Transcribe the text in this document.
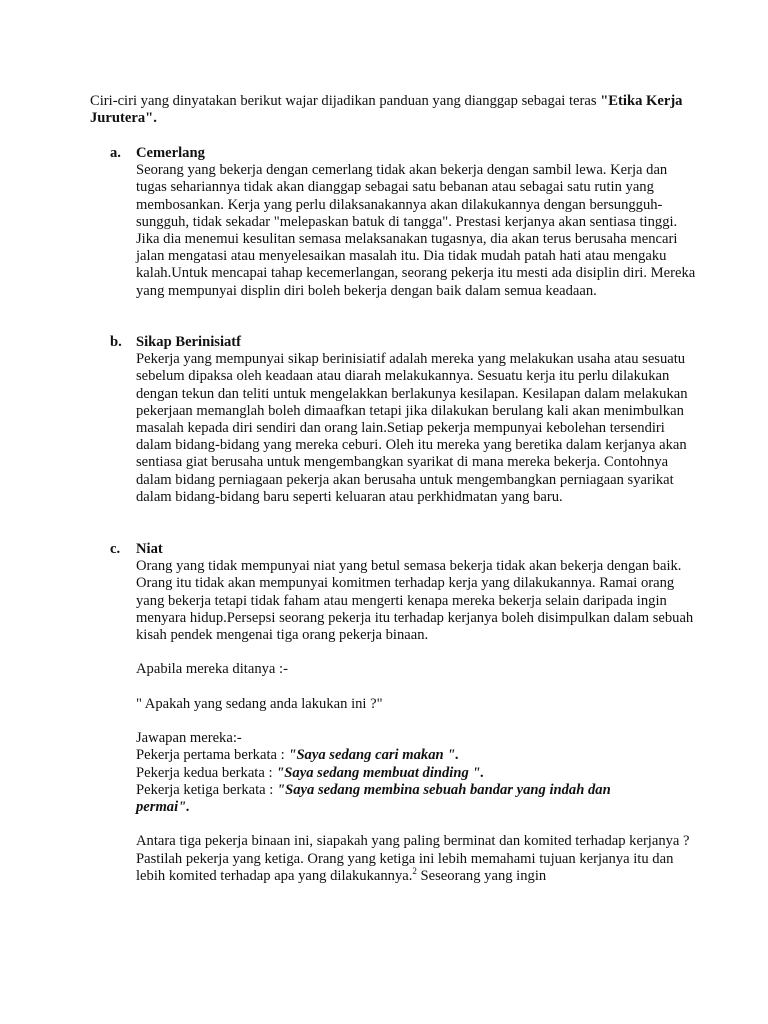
Ciri-ciri yang dinyatakan berikut wajar dijadikan panduan yang dianggap sebagai teras "Etika Kerja Jurutera".

a. Cemerlang

Seorang yang bekerja dengan cemerlang tidak akan bekerja dengan sambil lewa. Kerja dan tugas sehariannya tidak akan dianggap sebagai satu bebanan atau sebagai satu rutin yang membosankan. Kerja yang perlu dilaksanakannya akan dilakukannya dengan bersungguh-sungguh, tidak sekadar "melepaskan batuk di tangga". Prestasi kerjanya akan sentiasa tinggi. Jika dia menemui kesulitan semasa melaksanakan tugasnya, dia akan terus berusaha mencari jalan mengatasi atau menyelesaikan masalah itu. Dia tidak mudah patah hati atau mengaku kalah.Untuk mencapai tahap kecemerlangan, seorang pekerja itu mesti ada disiplin diri. Mereka yang mempunyai displin diri boleh bekerja dengan baik dalam semua keadaan.

b. Sikap Berinisiatf

Pekerja yang mempunyai sikap berinisiatif adalah mereka yang melakukan usaha atau sesuatu sebelum dipaksa oleh keadaan atau diarah melakukannya. Sesuatu kerja itu perlu dilakukan dengan tekun dan teliti untuk mengelakkan berlakunya kesilapan. Kesilapan dalam melakukan pekerjaan memanglah boleh dimaafkan tetapi jika dilakukan berulang kali akan menimbulkan masalah kepada diri sendiri dan orang lain.Setiap pekerja mempunyai kebolehan tersendiri dalam bidang-bidang yang mereka ceburi. Oleh itu mereka yang beretika dalam kerjanya akan sentiasa giat berusaha untuk mengembangkan syarikat di mana mereka bekerja. Contohnya dalam bidang perniagaan pekerja akan berusaha untuk mengembangkan perniagaan syarikat dalam bidang-bidang baru seperti keluaran atau perkhidmatan yang baru.

c. Niat

Orang yang tidak mempunyai niat yang betul semasa bekerja tidak akan bekerja dengan baik. Orang itu tidak akan mempunyai komitmen terhadap kerja yang dilakukannya. Ramai orang yang bekerja tetapi tidak faham atau mengerti kenapa mereka bekerja selain daripada ingin menyara hidup.Persepsi seorang pekerja itu terhadap kerjanya boleh disimpulkan dalam sebuah kisah pendek mengenai tiga orang pekerja binaan.

Apabila mereka ditanya :-

" Apakah yang sedang anda lakukan ini ?"

Jawapan mereka:-

Pekerja pertama berkata : "Saya sedang cari makan ".

Pekerja kedua berkata : "Saya sedang membuat dinding ".

Pekerja ketiga berkata : "Saya sedang membina sebuah bandar yang indah dan permai".

Antara tiga pekerja binaan ini, siapakah yang paling berminat dan komited terhadap kerjanya ? Pastilah pekerja yang ketiga. Orang yang ketiga ini lebih memahami tujuan kerjanya itu dan lebih komited terhadap apa yang dilakukannya.$^2$ Seseorang yang ingin
